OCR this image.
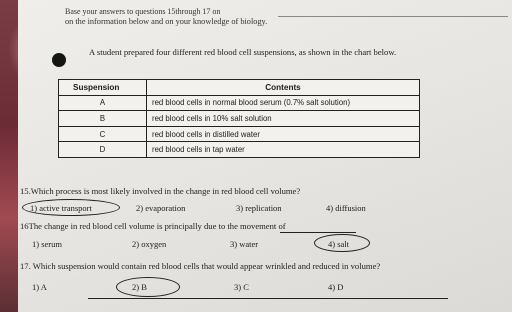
Base your answers to questions 15through 17 on
on the information below and on your knowledge of biology.
A student prepared four different red blood cell suspensions, as shown in the chart below.
Suspension	Contents
A	red blood cells in normal blood serum (0.7% salt solution)
B	red blood cells in 10% salt solution
C	red blood cells in distilled water
D	red blood cells in tap water
15.Which process is most likely involved in the change in red blood cell volume?
1) active transport	2) evaporation	3) replication	4) diffusion
16The change in red blood cell volume is principally due to the movement of
1) serum	2) oxygen	3) water	4) salt
17. Which suspension would contain red blood cells that would appear wrinkled and reduced in volume?
1) A	2) B	3) C	4) D
